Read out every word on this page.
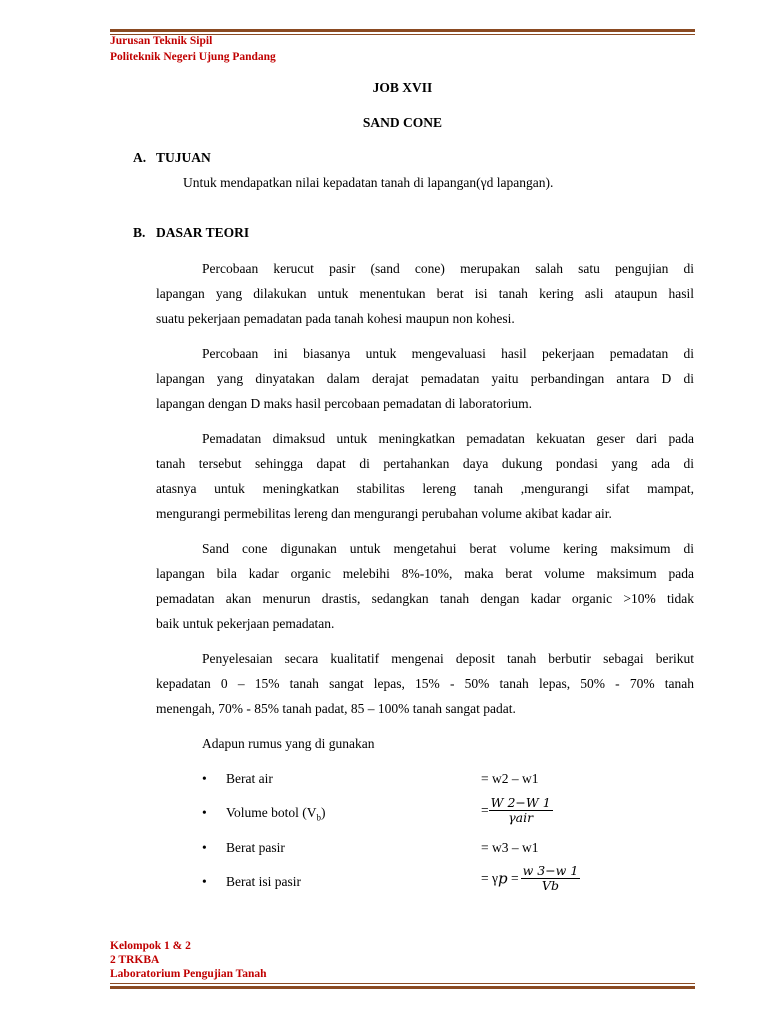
Jurusan Teknik Sipil
Politeknik Negeri Ujung Pandang
JOB XVII
SAND CONE
A. TUJUAN
Untuk mendapatkan nilai kepadatan tanah di lapangan(γd lapangan).
B. DASAR TEORI
Percobaan kerucut pasir (sand cone) merupakan salah satu pengujian di
lapangan yang dilakukan untuk menentukan berat isi tanah kering asli ataupun hasil
suatu pekerjaan pemadatan pada tanah kohesi maupun non kohesi.
Percobaan ini biasanya untuk mengevaluasi hasil pekerjaan pemadatan di
lapangan yang dinyatakan dalam derajat pemadatan yaitu perbandingan antara D di
lapangan dengan D maks hasil percobaan pemadatan di laboratorium.
Pemadatan dimaksud untuk meningkatkan pemadatan kekuatan geser dari pada
tanah tersebut sehingga dapat di pertahankan daya dukung pondasi yang ada di
atasnya untuk meningkatkan stabilitas lereng tanah ,mengurangi sifat mampat,
mengurangi permebilitas lereng dan mengurangi perubahan volume akibat kadar air.
Sand cone digunakan untuk mengetahui berat volume kering maksimum di
lapangan bila kadar organic melebihi 8%-10%, maka berat volume maksimum pada
pemadatan akan menurun drastis, sedangkan tanah dengan kadar organic >10% tidak
baik untuk pekerjaan pemadatan.
Penyelesaian secara kualitatif mengenai deposit tanah berbutir sebagai berikut
kepadatan 0 – 15% tanah sangat lepas, 15% - 50% tanah lepas, 50% - 70% tanah
menengah, 70% - 85% tanah padat, 85 – 100% tanah sangat padat.
Adapun rumus yang di gunakan
• Berat air	= w2 – w1
• Volume botol $(V_b)$	= $\frac{W 2-W 1}{\text{γair}}$
• Berat pasir	= w3 – w1
• Berat isi pasir	= $\gamma p = \frac{w 3-w 1}{Vb}$
Kelompok 1 & 2
2 TRKBA
Laboratorium Pengujian Tanah
